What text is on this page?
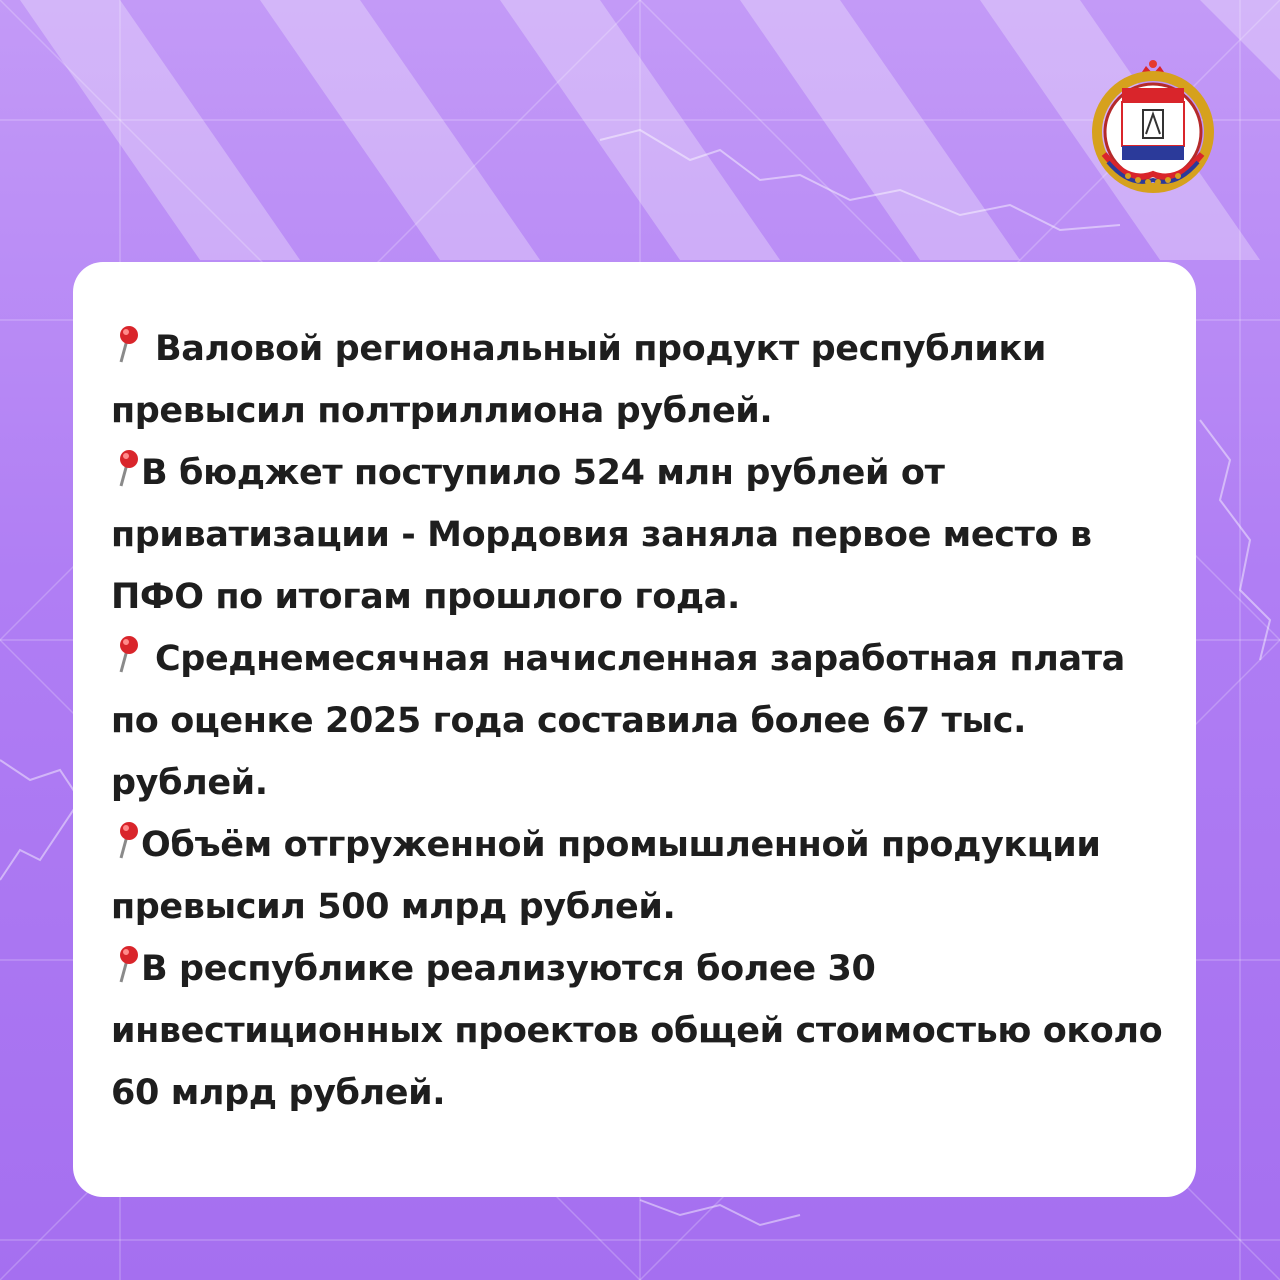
Валовой региональный продукт республики превысил полтриллиона рублей.
В бюджет поступило 524 млн рублей от приватизации - Мордовия заняла первое место в ПФО по итогам прошлого года.
Среднемесячная начисленная заработная плата по оценке 2025 года составила более 67 тыс. рублей.
Объём отгруженной промышленной продукции превысил 500 млрд рублей.
В республике реализуются более 30 инвестиционных проектов общей стоимостью около 60 млрд рублей.
